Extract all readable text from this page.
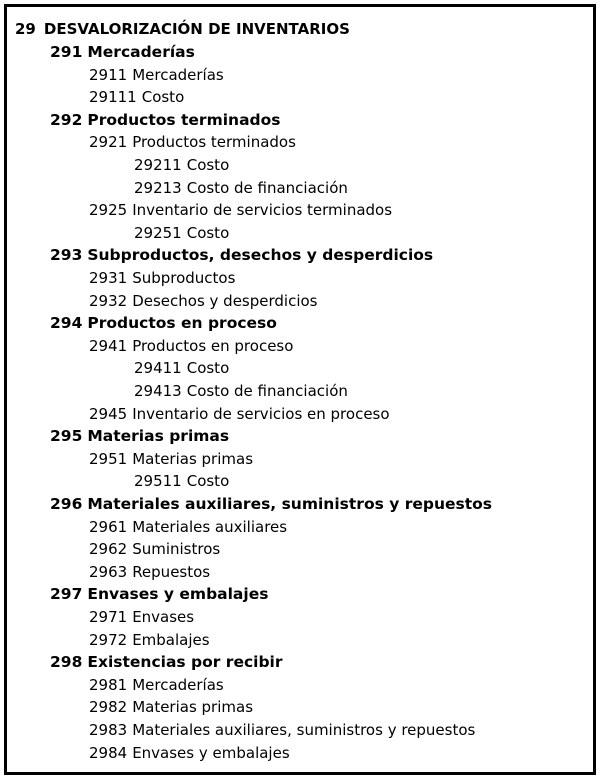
29 DESVALORIZACIÓN DE INVENTARIOS
291 Mercaderías
2911 Mercaderías
29111 Costo
292 Productos terminados
2921 Productos terminados
29211 Costo
29213 Costo de financiación
2925 Inventario de servicios terminados
29251 Costo
293 Subproductos, desechos y desperdicios
2931 Subproductos
2932 Desechos y desperdicios
294 Productos en proceso
2941 Productos en proceso
29411 Costo
29413 Costo de financiación
2945 Inventario de servicios en proceso
295 Materias primas
2951 Materias primas
29511 Costo
296 Materiales auxiliares, suministros y repuestos
2961 Materiales auxiliares
2962 Suministros
2963 Repuestos
297 Envases y embalajes
2971 Envases
2972 Embalajes
298 Existencias por recibir
2981 Mercaderías
2982 Materias primas
2983 Materiales auxiliares, suministros y repuestos
2984 Envases y embalajes
